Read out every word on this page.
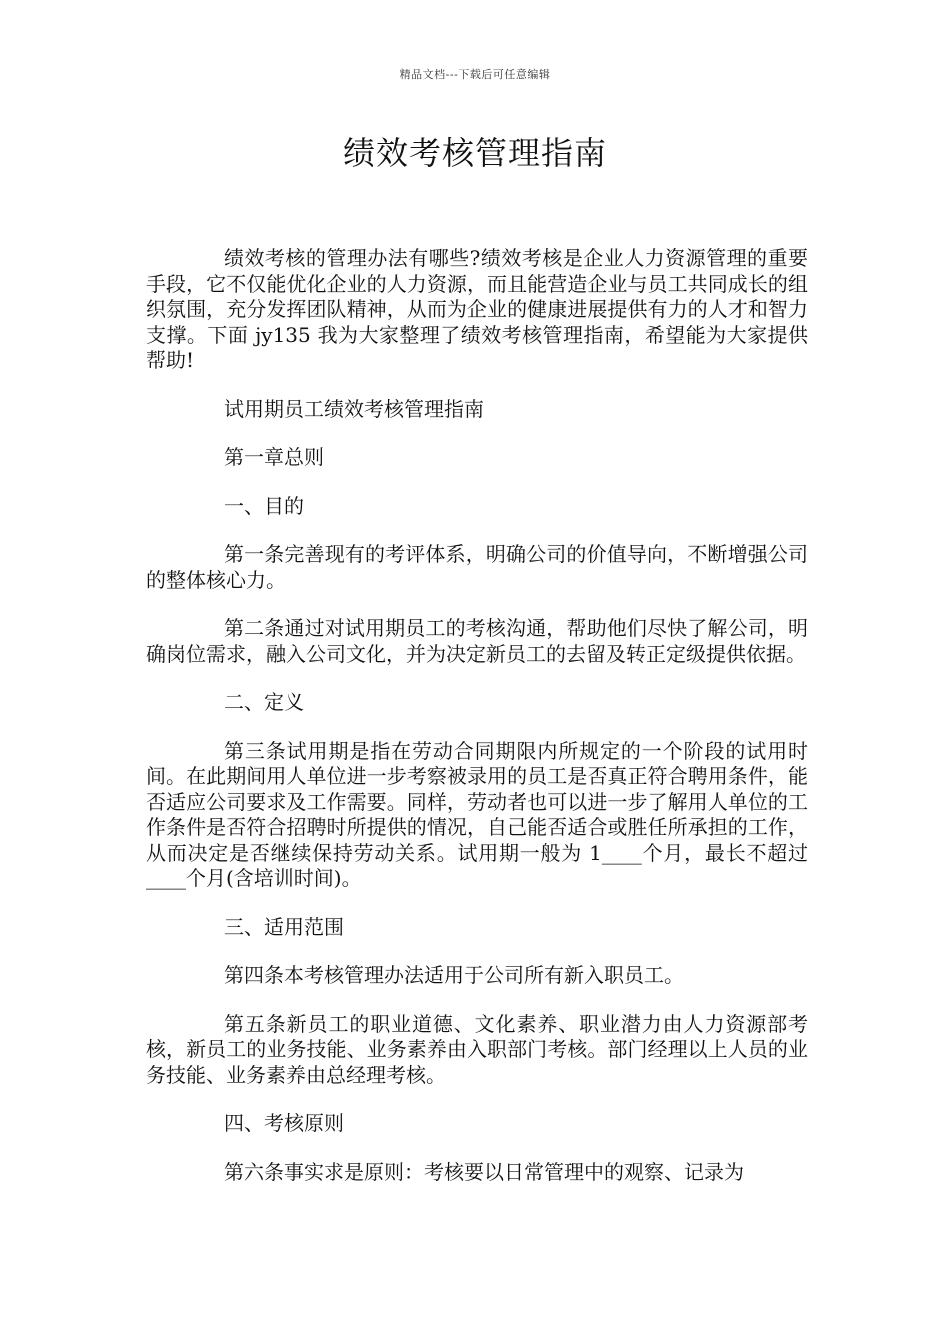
精品文档---下载后可任意编辑
绩效考核管理指南

绩效考核的管理办法有哪些?绩效考核是企业人力资源管理的重要手段，它不仅能优化企业的人力资源，而且能营造企业与员工共同成长的组织氛围，充分发挥团队精神，从而为企业的健康进展提供有力的人才和智力支撑。下面 jy135 我为大家整理了绩效考核管理指南，希望能为大家提供帮助!

试用期员工绩效考核管理指南

第一章总则

一、目的

第一条完善现有的考评体系，明确公司的价值导向，不断增强公司的整体核心力。

第二条通过对试用期员工的考核沟通，帮助他们尽快了解公司，明确岗位需求，融入公司文化，并为决定新员工的去留及转正定级提供依据。

二、定义

第三条试用期是指在劳动合同期限内所规定的一个阶段的试用时间。在此期间用人单位进一步考察被录用的员工是否真正符合聘用条件，能否适应公司要求及工作需要。同样，劳动者也可以进一步了解用人单位的工作条件是否符合招聘时所提供的情况，自己能否适合或胜任所承担的工作，从而决定是否继续保持劳动关系。试用期一般为 1____个月，最长不超过____个月(含培训时间)。

三、适用范围

第四条本考核管理办法适用于公司所有新入职员工。

第五条新员工的职业道德、文化素养、职业潜力由人力资源部考核，新员工的业务技能、业务素养由入职部门考核。部门经理以上人员的业务技能、业务素养由总经理考核。

四、考核原则

第六条事实求是原则：考核要以日常管理中的观察、记录为
